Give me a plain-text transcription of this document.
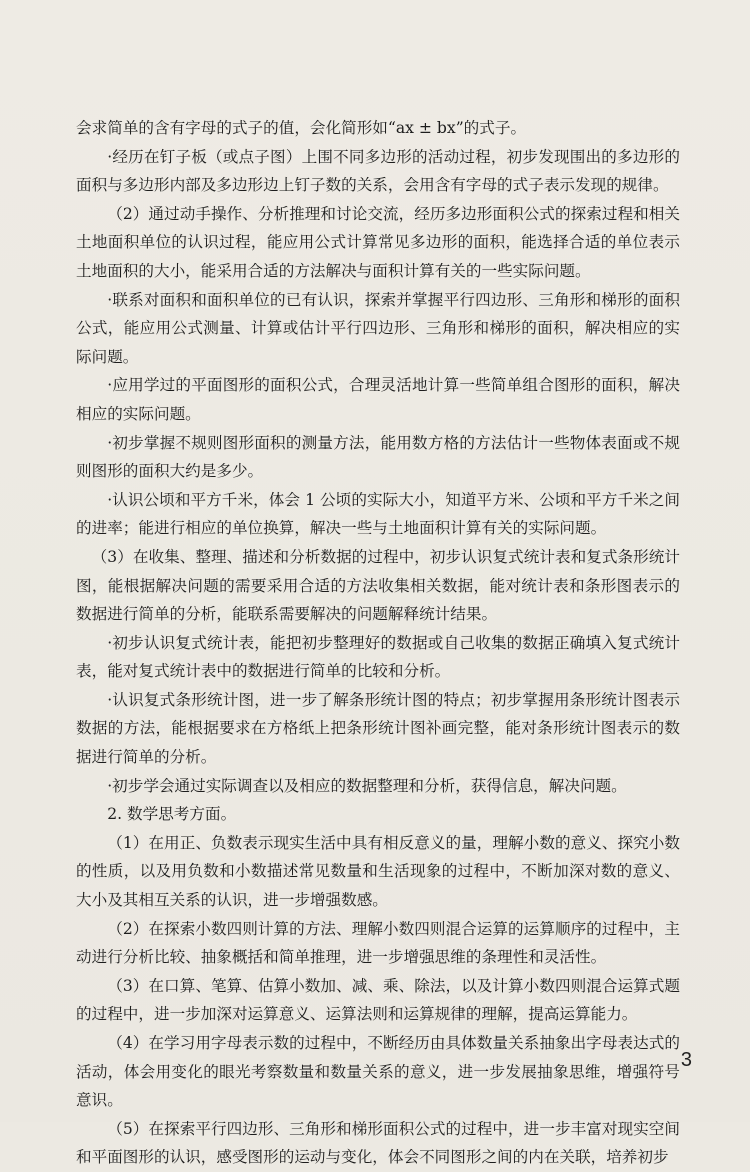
会求简单的含有字母的式子的值，会化简形如“ax ± bx”的式子。

·经历在钉子板（或点子图）上围不同多边形的活动过程，初步发现围出的多边形的面积与多边形内部及多边形边上钉子数的关系，会用含有字母的式子表示发现的规律。

（2）通过动手操作、分析推理和讨论交流，经历多边形面积公式的探索过程和相关土地面积单位的认识过程，能应用公式计算常见多边形的面积，能选择合适的单位表示土地面积的大小，能采用合适的方法解决与面积计算有关的一些实际问题。

·联系对面积和面积单位的已有认识，探索并掌握平行四边形、三角形和梯形的面积公式，能应用公式测量、计算或估计平行四边形、三角形和梯形的面积，解决相应的实际问题。

·应用学过的平面图形的面积公式，合理灵活地计算一些简单组合图形的面积，解决相应的实际问题。

·初步掌握不规则图形面积的测量方法，能用数方格的方法估计一些物体表面或不规则图形的面积大约是多少。

·认识公顷和平方千米，体会 1 公顷的实际大小，知道平方米、公顷和平方千米之间的进率；能进行相应的单位换算，解决一些与土地面积计算有关的实际问题。

（3）在收集、整理、描述和分析数据的过程中，初步认识复式统计表和复式条形统计图，能根据解决问题的需要采用合适的方法收集相关数据，能对统计表和条形图表示的数据进行简单的分析，能联系需要解决的问题解释统计结果。

·初步认识复式统计表，能把初步整理好的数据或自己收集的数据正确填入复式统计表，能对复式统计表中的数据进行简单的比较和分析。

·认识复式条形统计图，进一步了解条形统计图的特点；初步掌握用条形统计图表示数据的方法，能根据要求在方格纸上把条形统计图补画完整，能对条形统计图表示的数据进行简单的分析。

·初步学会通过实际调查以及相应的数据整理和分析，获得信息，解决问题。

2. 数学思考方面。

（1）在用正、负数表示现实生活中具有相反意义的量，理解小数的意义、探究小数的性质，以及用负数和小数描述常见数量和生活现象的过程中，不断加深对数的意义、大小及其相互关系的认识，进一步增强数感。

（2）在探索小数四则计算的方法、理解小数四则混合运算的运算顺序的过程中，主动进行分析比较、抽象概括和简单推理，进一步增强思维的条理性和灵活性。

（3）在口算、笔算、估算小数加、减、乘、除法，以及计算小数四则混合运算式题的过程中，进一步加深对运算意义、运算法则和运算规律的理解，提高运算能力。

（4）在学习用字母表示数的过程中，不断经历由具体数量关系抽象出字母表达式的活动，体会用变化的眼光考察数量和数量关系的意义，进一步发展抽象思维，增强符号意识。

（5）在探索平行四边形、三角形和梯形面积公式的过程中，进一步丰富对现实空间和平面图形的认识，感受图形的运动与变化，体会不同图形之间的内在关联，培养初步

3
